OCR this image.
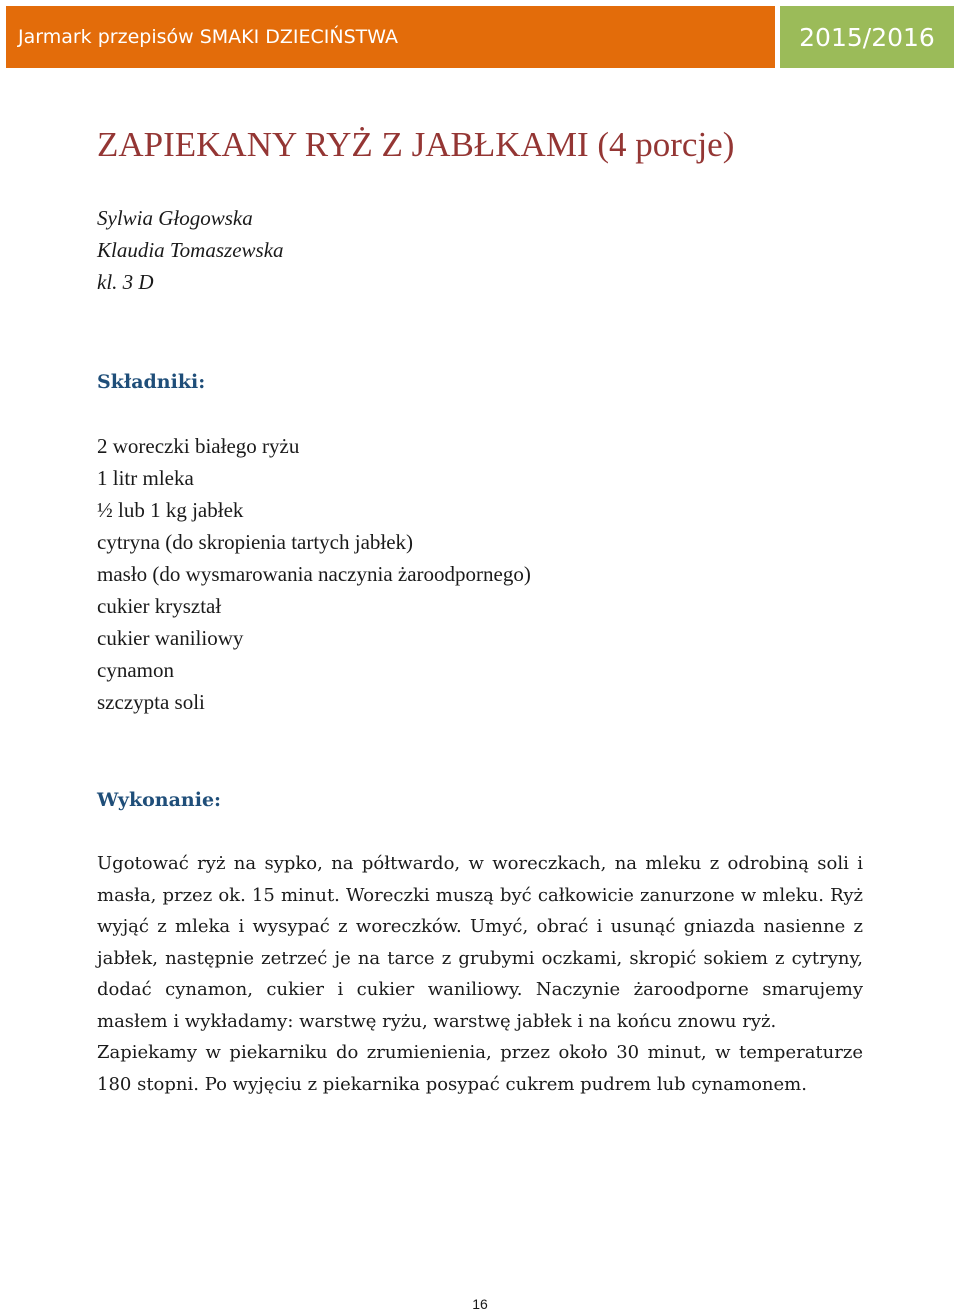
Jarmark przepisów SMAKI DZIECIŃSTWA	2015/2016
ZAPIEKANY RYŻ Z JABŁKAMI (4 porcje)
Sylwia Głogowska
Klaudia Tomaszewska
kl. 3 D
Składniki:
2 woreczki białego ryżu
1 litr mleka
½ lub 1 kg jabłek
cytryna (do skropienia tartych jabłek)
masło (do wysmarowania naczynia żaroodpornego)
cukier kryształ
cukier waniliowy
cynamon
szczypta soli
Wykonanie:

Ugotować ryż na sypko, na półtwardo, w woreczkach, na mleku z odrobiną soli i masła, przez ok. 15 minut. Woreczki muszą być całkowicie zanurzone w mleku. Ryż wyjąć z mleka i wysypać z woreczków. Umyć, obrać i usunąć gniazda nasienne z jabłek, następnie zetrzeć je na tarce z grubymi oczkami, skropić sokiem z cytryny, dodać cynamon, cukier i cukier waniliowy. Naczynie żaroodporne smarujemy masłem i wykładamy: warstwę ryżu, warstwę jabłek i na końcu znowu ryż.

Zapiekamy w piekarniku do zrumienienia, przez około 30 minut, w temperaturze 180 stopni. Po wyjęciu z piekarnika posypać cukrem pudrem lub cynamonem.

16
